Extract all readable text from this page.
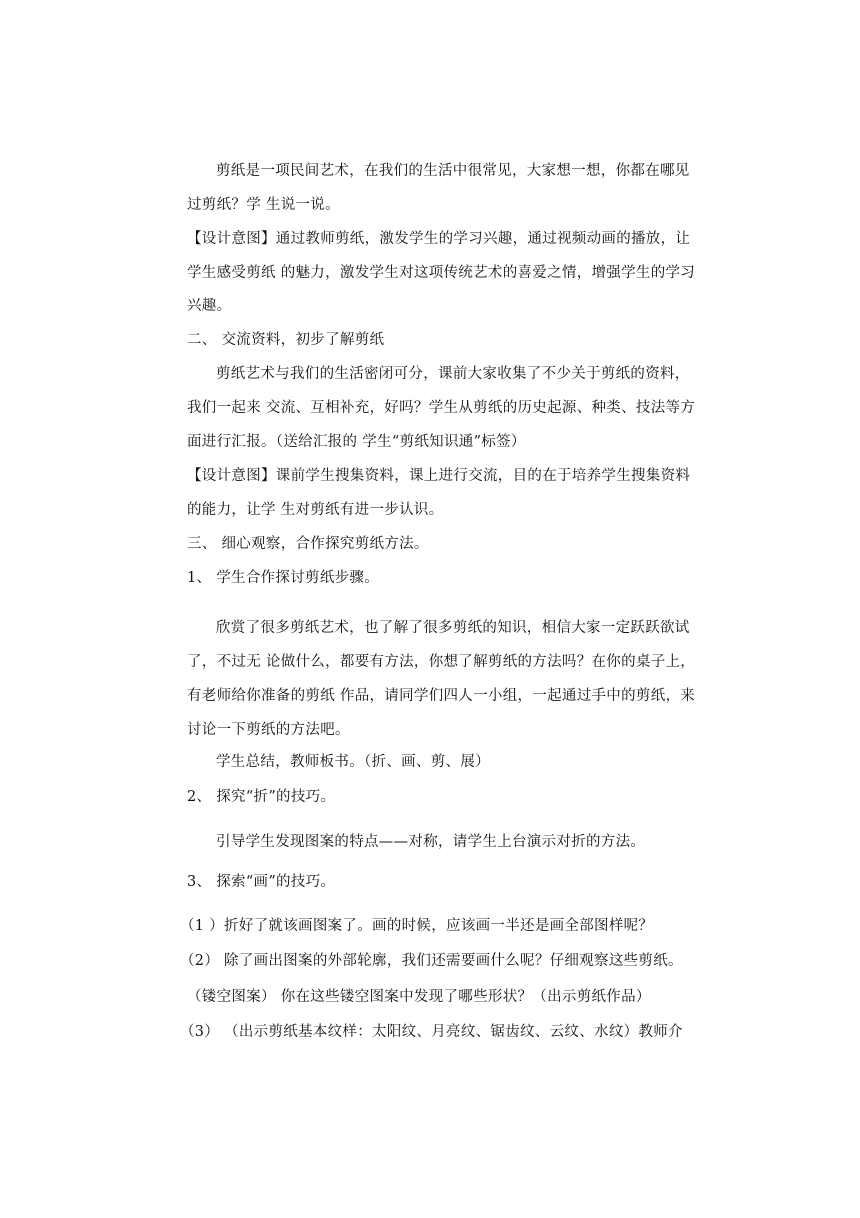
剪纸是一项民间艺术，在我们的生活中很常见，大家想一想，你都在哪见
过剪纸？学 生说一说。
【设计意图】通过教师剪纸，激发学生的学习兴趣，通过视频动画的播放，让
学生感受剪纸 的魅力，激发学生对这项传统艺术的喜爱之情，增强学生的学习
兴趣。
二、 交流资料，初步了解剪纸
剪纸艺术与我们的生活密闭可分，课前大家收集了不少关于剪纸的资料，
我们一起来 交流、互相补充，好吗？学生从剪纸的历史起源、种类、技法等方
面进行汇报。（送给汇报的 学生“剪纸知识通”标签）
【设计意图】课前学生搜集资料，课上进行交流，目的在于培养学生搜集资料
的能力，让学 生对剪纸有进一步认识。
三、 细心观察，合作探究剪纸方法。
1、 学生合作探讨剪纸步骤。
欣赏了很多剪纸艺术，也了解了很多剪纸的知识，相信大家一定跃跃欲试
了，不过无 论做什么，都要有方法，你想了解剪纸的方法吗？在你的桌子上，
有老师给你准备的剪纸 作品，请同学们四人一小组，一起通过手中的剪纸，来
讨论一下剪纸的方法吧。
学生总结，教师板书。（折、画、剪、展）
2、 探究“折”的技巧。
引导学生发现图案的特点——对称，请学生上台演示对折的方法。
3、 探索“画”的技巧。
（1 ）折好了就该画图案了。画的时候，应该画一半还是画全部图样呢？
（2） 除了画出图案的外部轮廓，我们还需要画什么呢？仔细观察这些剪纸。
（镂空图案） 你在这些镂空图案中发现了哪些形状？（出示剪纸作品）
（3） （出示剪纸基本纹样：太阳纹、月亮纹、锯齿纹、云纹、水纹）教师介
